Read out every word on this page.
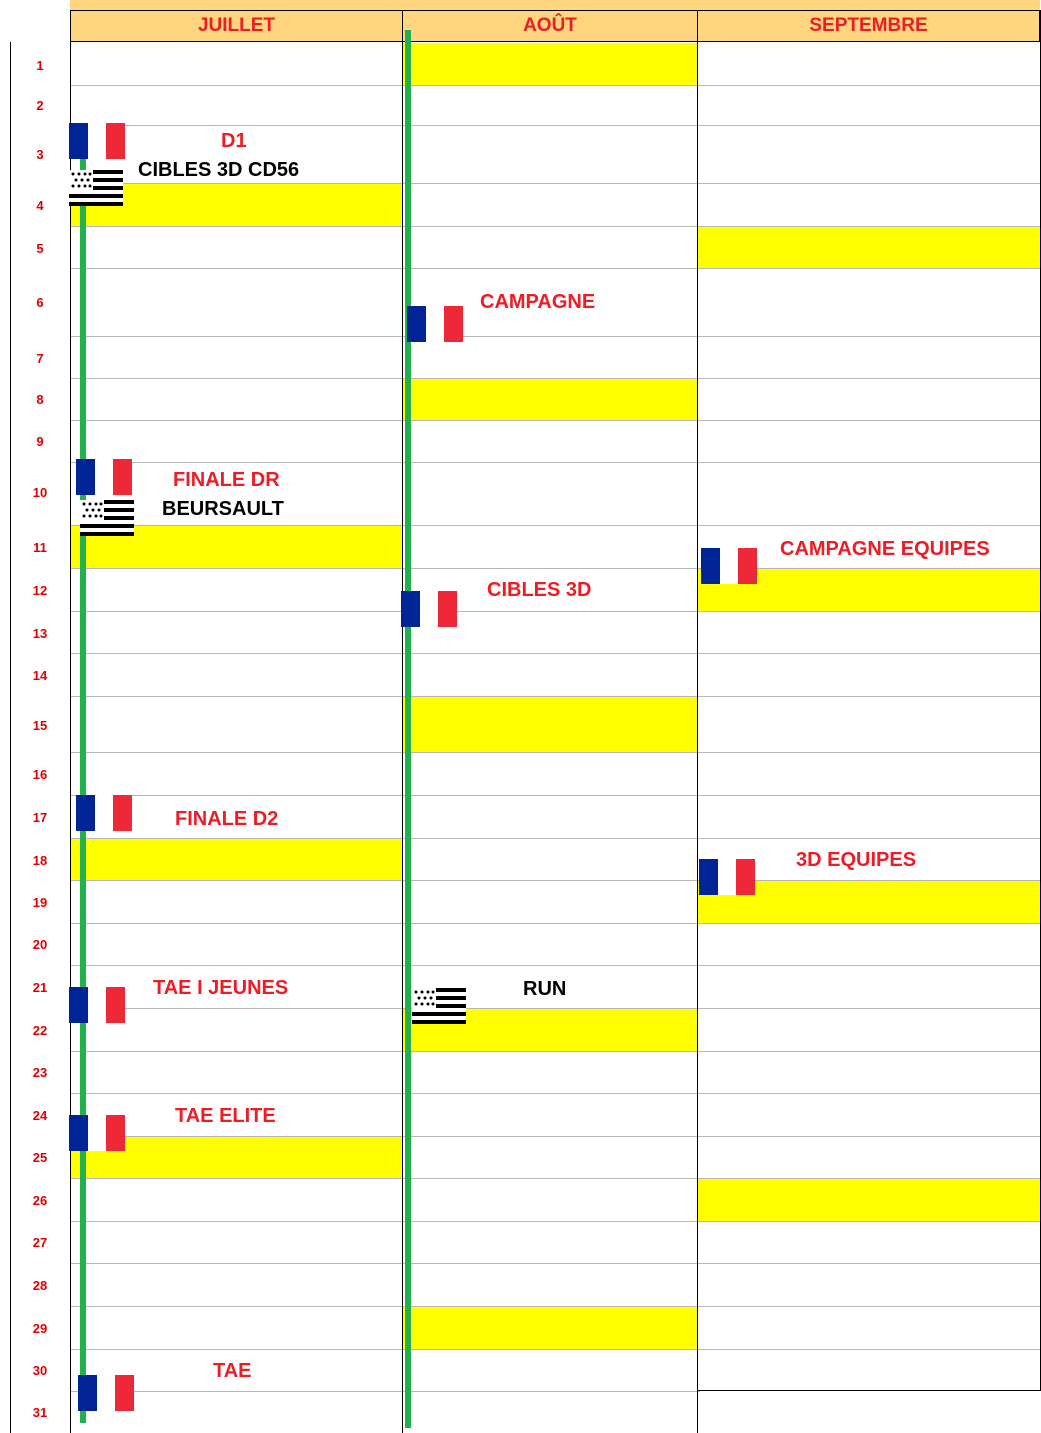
JUILLET	AOÛT	SEPTEMBRE
1
2
3
4
5
6
7
8
9
10
11
12
13
14
15
16
17
18
19
20
21
22
23
24
25
26
27
28
29
30
31
D1
CIBLES 3D CD56
FINALE DR
BEURSAULT
FINALE D2
TAE I JEUNES
TAE ELITE
TAE
CAMPAGNE
CIBLES 3D
RUN
CAMPAGNE EQUIPES
3D EQUIPES
